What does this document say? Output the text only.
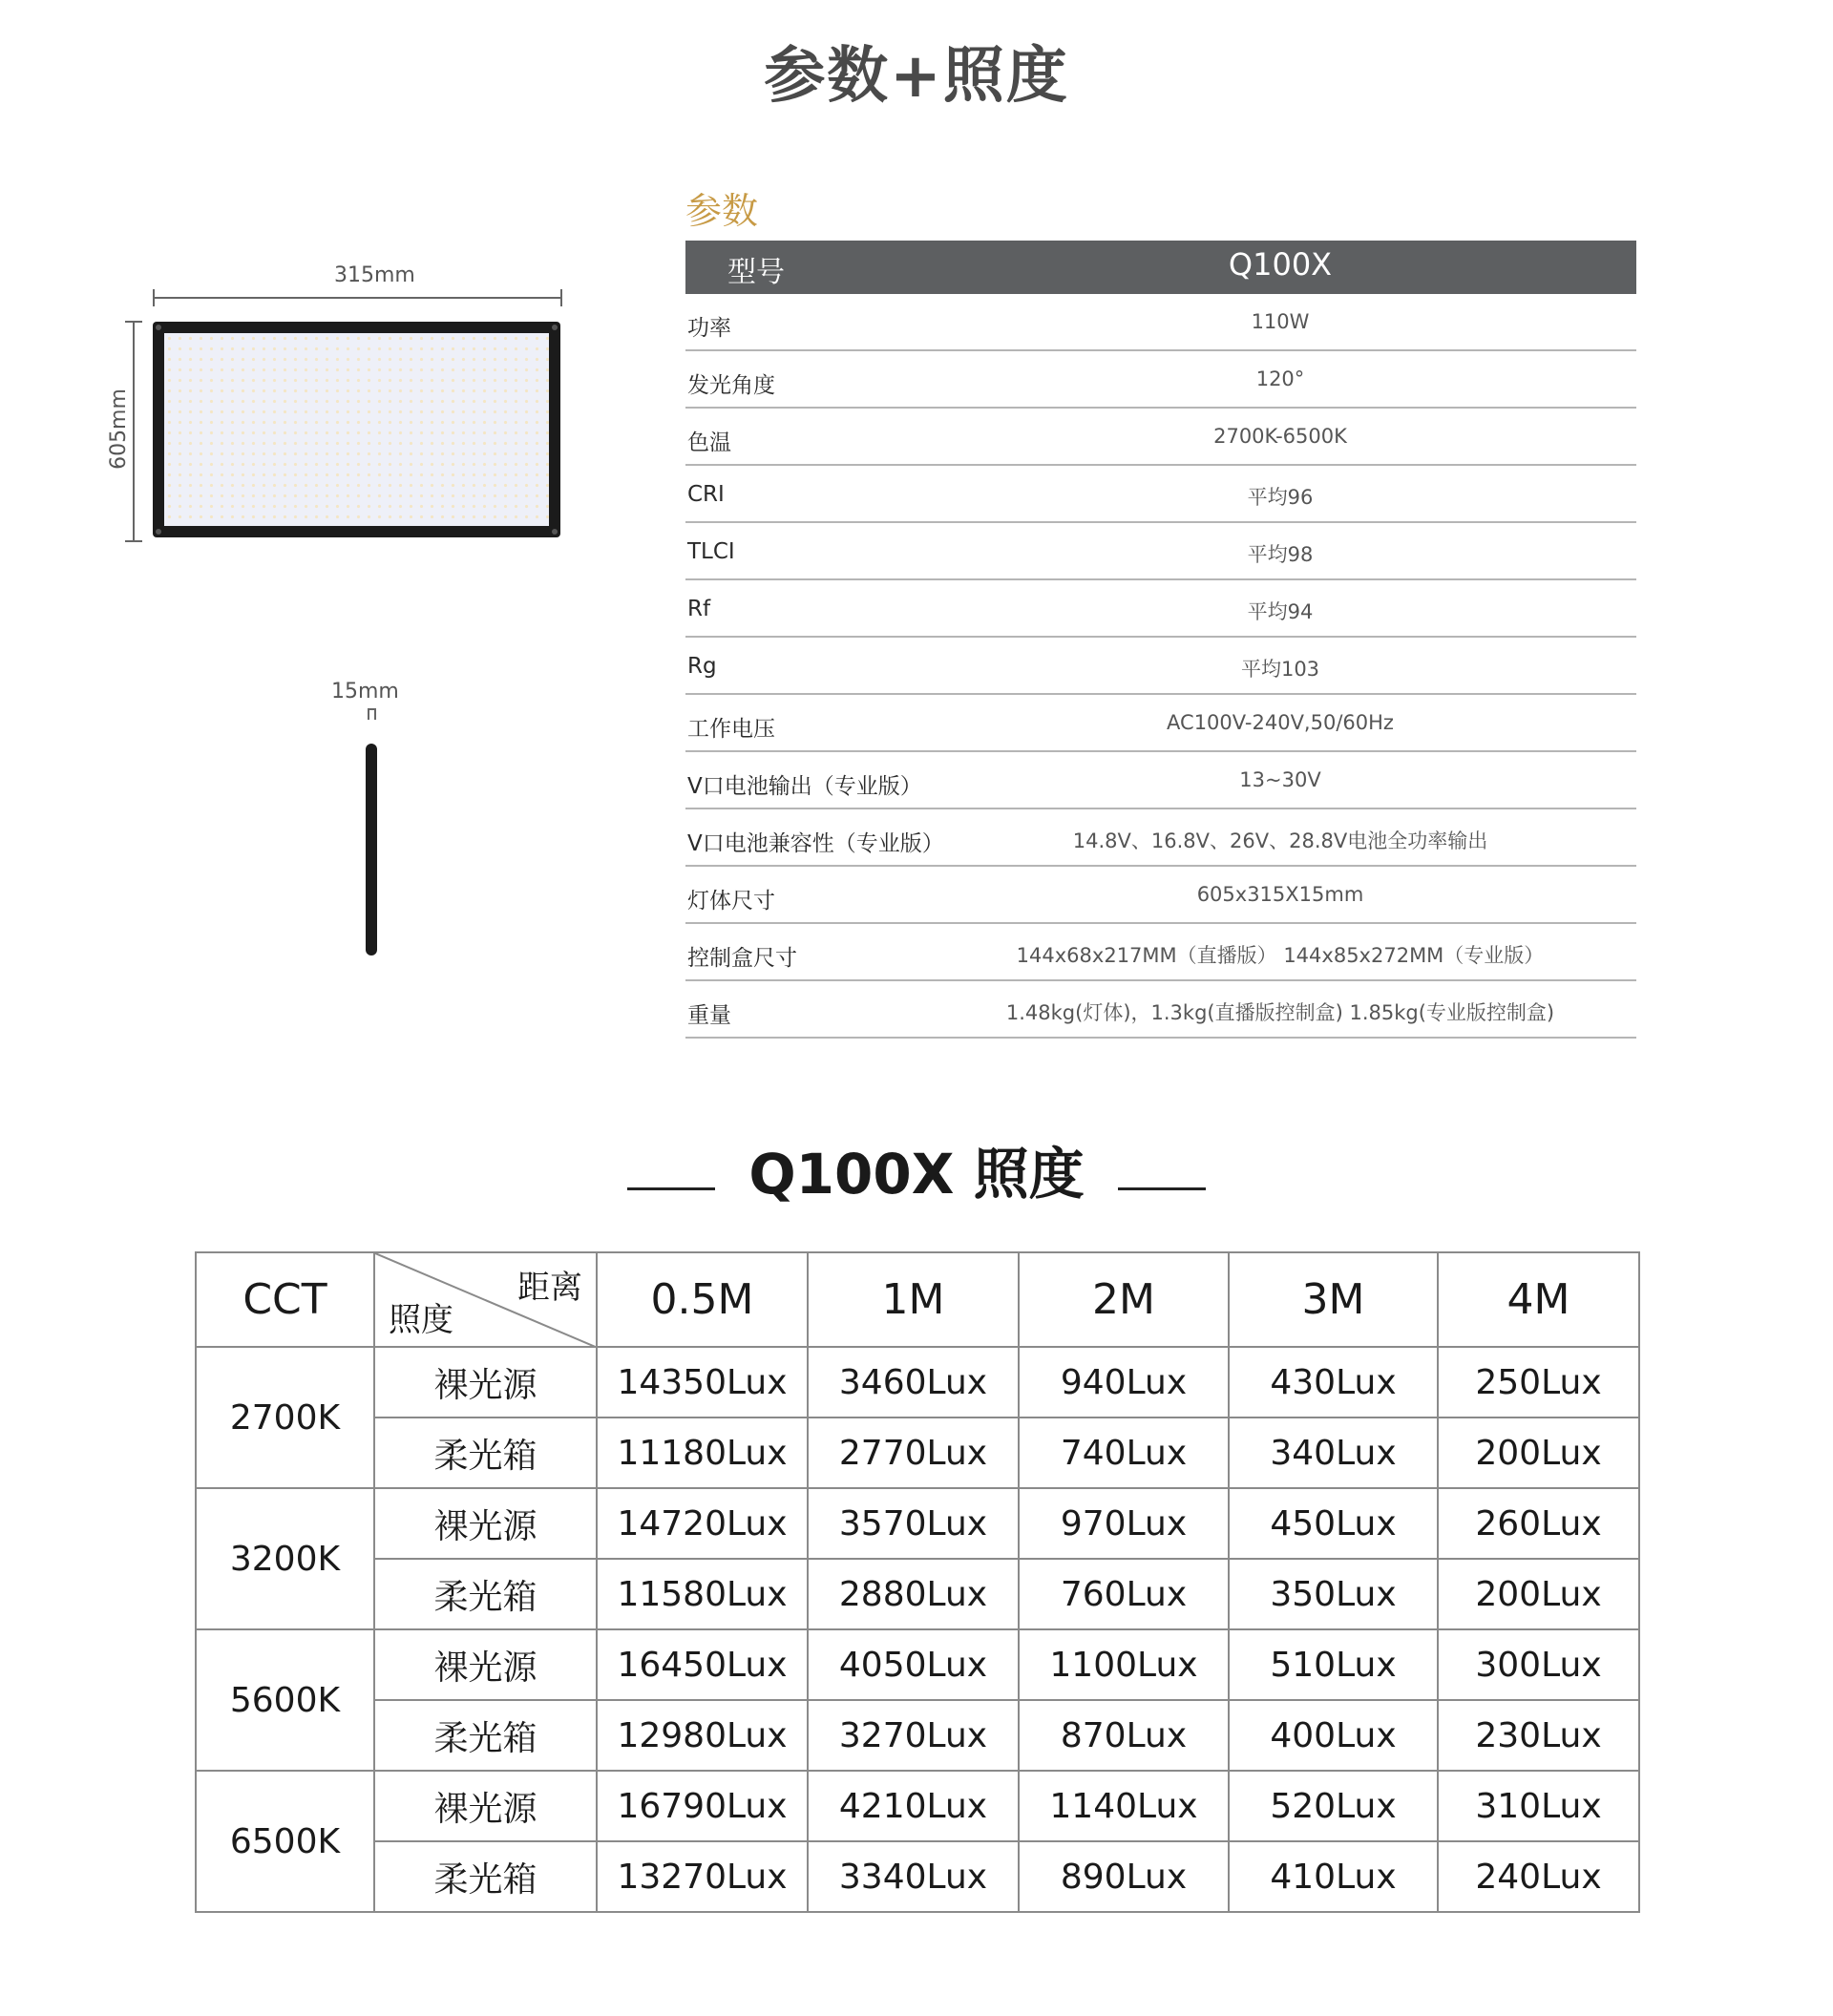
参数+照度
315mm
605mm
15mm
参数
型号	Q100X
功率	110W
发光角度	120°
色温	2700K-6500K
CRI	平均96
TLCI	平均98
Rf	平均94
Rg	平均103
工作电压	AC100V-240V,50/60Hz
V口电池输出（专业版）	13~30V
V口电池兼容性（专业版）	14.8V、16.8V、26V、28.8V电池全功率输出
灯体尺寸	605x315X15mm
控制盒尺寸	144x68x217MM（直播版） 144x85x272MM（专业版）
重量	1.48kg(灯体)，1.3kg(直播版控制盒) 1.85kg(专业版控制盒)
Q100X 照度
CCT	距离
照度	0.5M	1M	2M	3M	4M
2700K	裸光源	14350Lux	3460Lux	940Lux	430Lux	250Lux
	柔光箱	11180Lux	2770Lux	740Lux	340Lux	200Lux
3200K	裸光源	14720Lux	3570Lux	970Lux	450Lux	260Lux
	柔光箱	11580Lux	2880Lux	760Lux	350Lux	200Lux
5600K	裸光源	16450Lux	4050Lux	1100Lux	510Lux	300Lux
	柔光箱	12980Lux	3270Lux	870Lux	400Lux	230Lux
6500K	裸光源	16790Lux	4210Lux	1140Lux	520Lux	310Lux
	柔光箱	13270Lux	3340Lux	890Lux	410Lux	240Lux
